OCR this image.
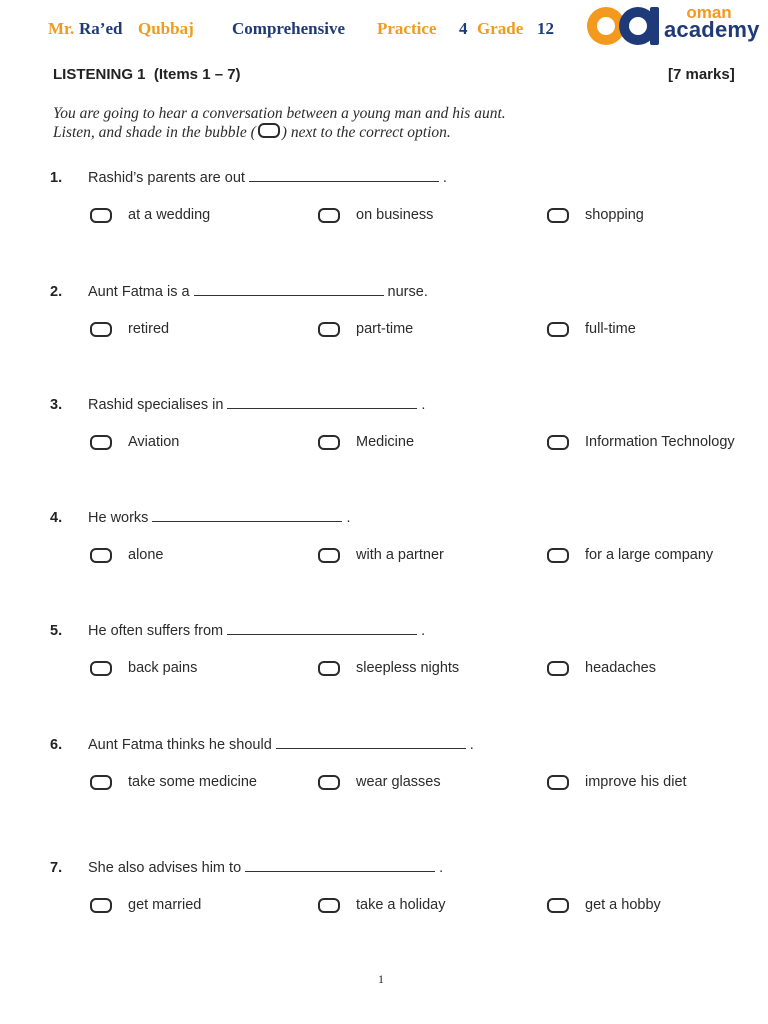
Mr. Ra’ed Qubbaj Comprehensive Practice 4 Grade 12
oman
academy
LISTENING 1  (Items 1 – 7)	[7 marks]
You are going to hear a conversation between a young man and his aunt.
Listen, and shade in the bubble ( ) next to the correct option.
1. Rashid’s parents are out	.
at a wedding	on business	shopping
2. Aunt Fatma is a	nurse.
retired	part-time	full-time
3. Rashid specialises in	.
Aviation	Medicine	Information Technology
4. He works	.
alone	with a partner	for a large company
5. He often suffers from	.
back pains	sleepless nights	headaches
6. Aunt Fatma thinks he should	.
take some medicine	wear glasses	improve his diet
7. She also advises him to	.
get married	take a holiday	get a hobby
1
